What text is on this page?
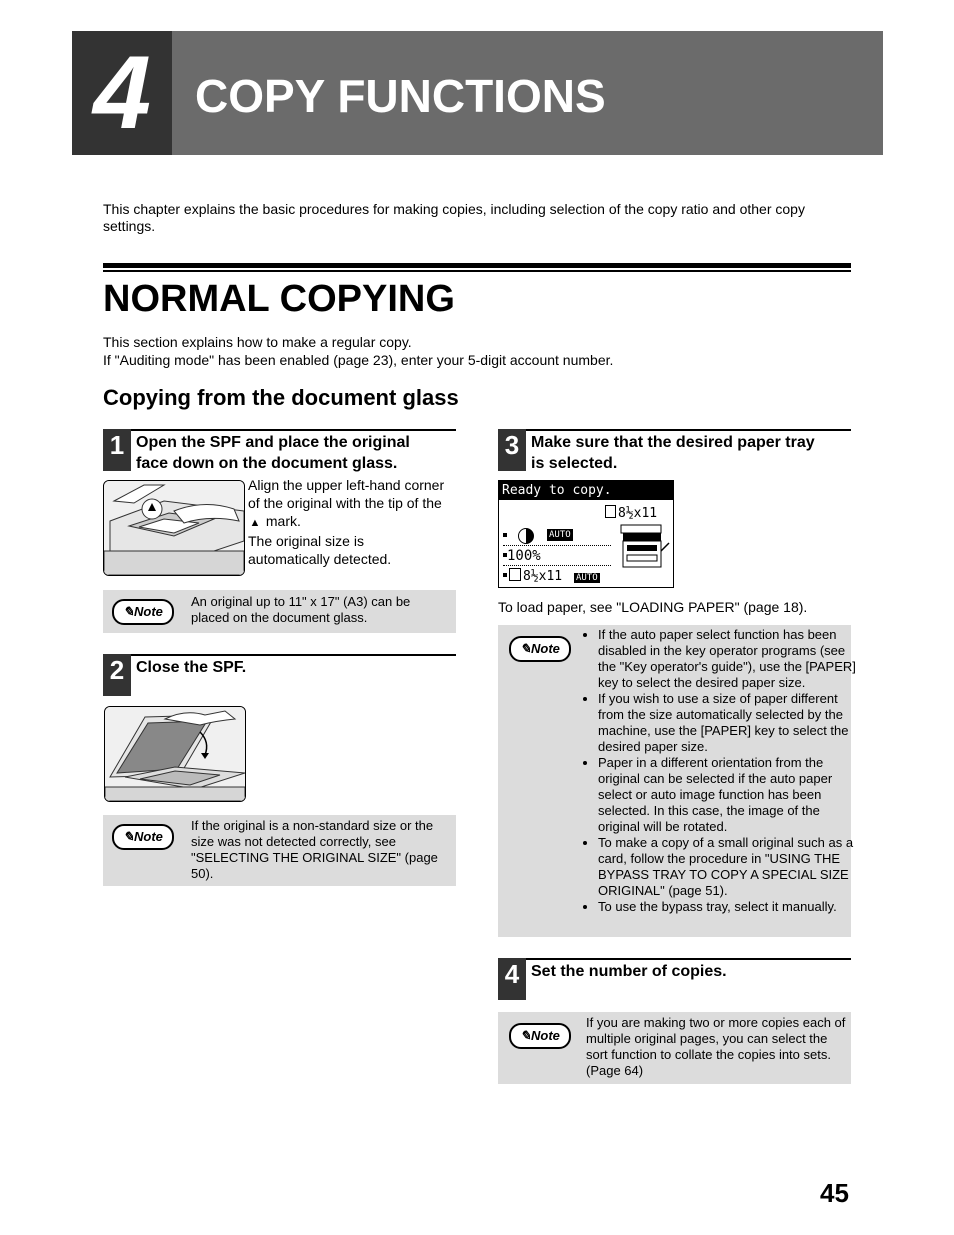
4 COPY FUNCTIONS
This chapter explains the basic procedures for making copies, including selection of the copy ratio and other copy settings.
NORMAL COPYING
This section explains how to make a regular copy.
If "Auditing mode" has been enabled (page 23), enter your 5-digit account number.
Copying from the document glass
1 Open the SPF and place the original
face down on the document glass.
Align the upper left-hand corner
of the original with the tip of the
▲ mark.
The original size is
automatically detected.
✎Note
An original up to 11" x 17" (A3) can be placed on the document glass.
2 Close the SPF.
✎Note
If the original is a non-standard size or the size was not detected correctly, see "SELECTING THE ORIGINAL SIZE" (page 50).
3 Make sure that the desired paper tray
is selected.
Ready to copy.
8½x11
AUTO
100%
8½x11 AUTO
To load paper, see "LOADING PAPER" (page 18).
✎Note
• If the auto paper select function has been disabled in the key operator programs (see the "Key operator's guide"), use the [PAPER] key to select the desired paper size.
• If you wish to use a size of paper different from the size automatically selected by the machine, use the [PAPER] key to select the desired paper size.
• Paper in a different orientation from the original can be selected if the auto paper select or auto image function has been selected. In this case, the image of the original will be rotated.
• To make a copy of a small original such as a card, follow the procedure in "USING THE BYPASS TRAY TO COPY A SPECIAL SIZE ORIGINAL" (page 51).
• To use the bypass tray, select it manually.
4 Set the number of copies.
✎Note
If you are making two or more copies each of multiple original pages, you can select the sort function to collate the copies into sets. (Page 64)
45
